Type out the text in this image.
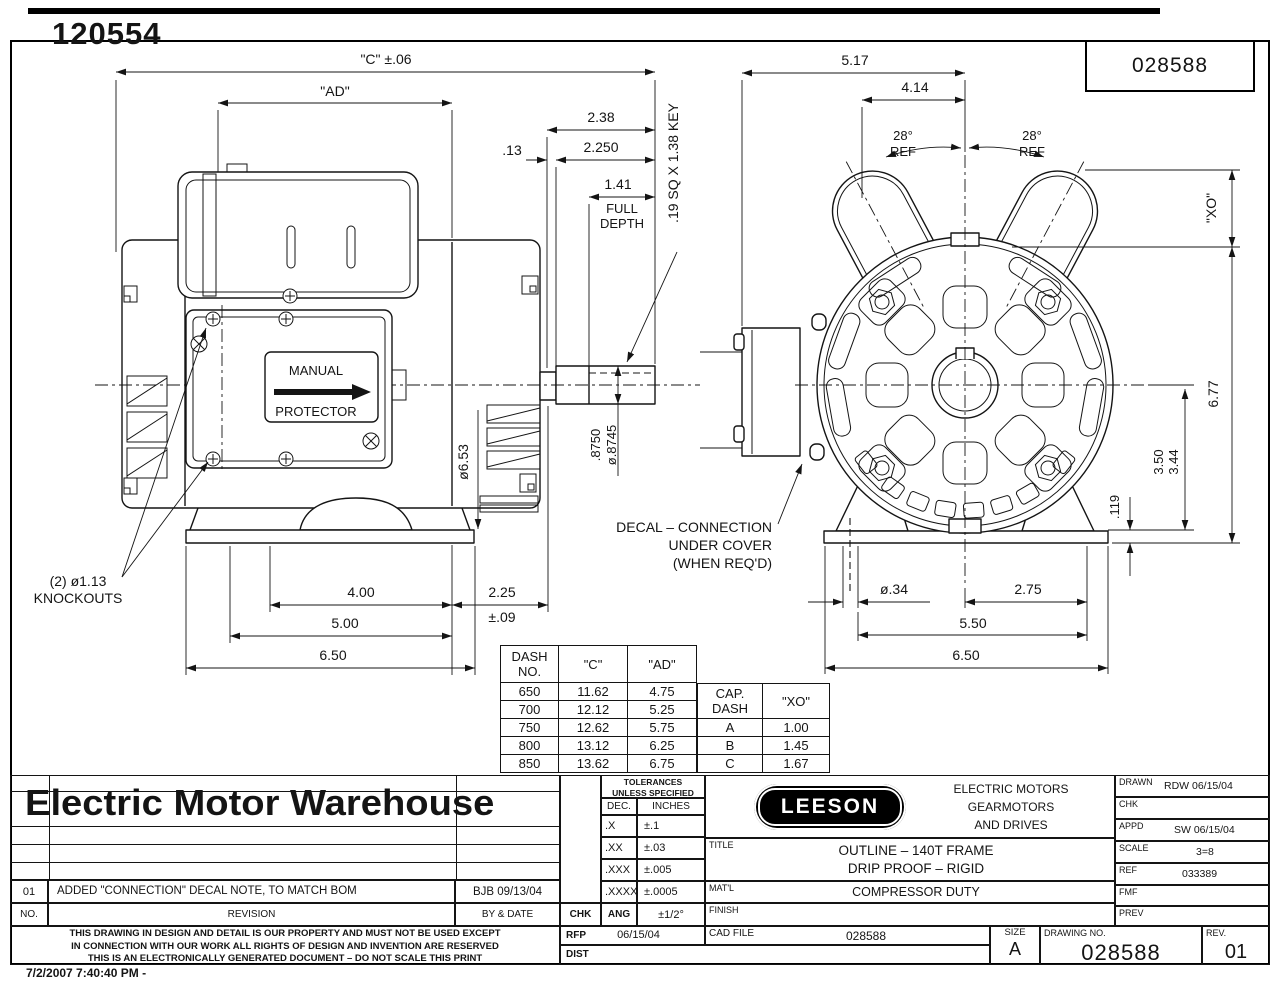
120554
028588
MANUAL
PROTECTOR
"C" ±.06
"AD"
2.38
.13	2.250
1.41
FULL
DEPTH
.19 SQ X 1.38 KEY
.8750 ø.8745
ø6.53
(2) ø1.13
KNOCKOUTS	4.00	2.25
±.09
5.00
6.50
5.17
4.14
28°
REF
28°
REF
"XO"
6.77
3.50 3.44
.119
ø.34	2.75
5.50
6.50
DECAL – CONNECTION
UNDER COVER
(WHEN REQ'D)
DASH
NO.	"C"	"AD"
650	11.62	4.75
700	12.12	5.25
750	12.62	5.75
800	13.12	6.25
850	13.62	6.75
CAP.
DASH	"XO"
A	1.00
B	1.45
C	1.67
Electric Motor Warehouse
01	ADDED "CONNECTION" DECAL NOTE, TO MATCH BOM	BJB 09/13/04
NO.	REVISION	BY & DATE
THIS DRAWING IN DESIGN AND DETAIL IS OUR PROPERTY AND MUST NOT BE USED EXCEPT
IN CONNECTION WITH OUR WORK ALL RIGHTS OF DESIGN AND INVENTION ARE RESERVED
THIS IS AN ELECTRONICALLY GENERATED DOCUMENT – DO NOT SCALE THIS PRINT
TOLERANCES
UNLESS SPECIFIED
DEC.	INCHES
.X	±.1
.XX	±.03
.XXX	±.005
.XXXX ±.0005
CHK	ANG	±1/2°
RFP	06/15/04
DIST
LEESON
ELECTRIC MOTORS
GEARMOTORS
AND DRIVES
TITLE	OUTLINE – 140T FRAME
DRIP PROOF – RIGID
MAT'L	COMPRESSOR DUTY
FINISH
CAD FILE	028588
DRAWN RDW 06/15/04
CHK
APPD	SW 06/15/04
SCALE	3=8
REF	033389
FMF
PREV
SIZE
A
DRAWING NO.
028588
REV.
01
7/2/2007 7:40:40 PM -
